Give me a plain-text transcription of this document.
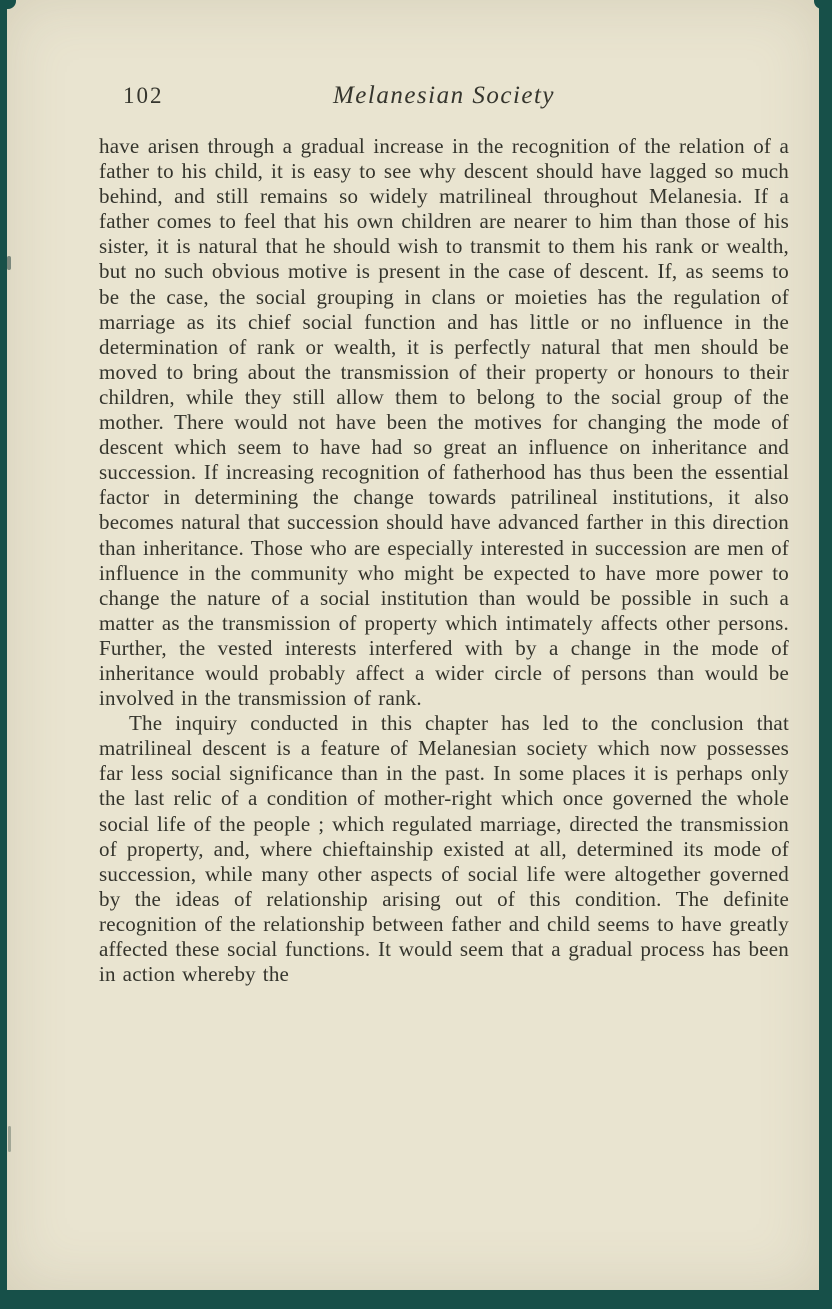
102	Melanesian Society

have arisen through a gradual increase in the recognition of the relation of a father to his child, it is easy to see why descent should have lagged so much behind, and still remains so widely matrilineal throughout Melanesia. If a father comes to feel that his own children are nearer to him than those of his sister, it is natural that he should wish to transmit to them his rank or wealth, but no such obvious motive is present in the case of descent. If, as seems to be the case, the social grouping in clans or moieties has the regulation of marriage as its chief social function and has little or no influence in the determination of rank or wealth, it is perfectly natural that men should be moved to bring about the transmission of their property or honours to their children, while they still allow them to belong to the social group of the mother. There would not have been the motives for changing the mode of descent which seem to have had so great an influence on inheritance and succession. If increasing recognition of fatherhood has thus been the essential factor in determining the change towards patrilineal institutions, it also becomes natural that succession should have advanced farther in this direction than inheritance. Those who are especially interested in succession are men of influence in the community who might be expected to have more power to change the nature of a social institution than would be possible in such a matter as the transmission of property which intimately affects other persons. Further, the vested interests interfered with by a change in the mode of inheritance would probably affect a wider circle of persons than would be involved in the transmission of rank.

The inquiry conducted in this chapter has led to the conclusion that matrilineal descent is a feature of Melanesian society which now possesses far less social significance than in the past. In some places it is perhaps only the last relic of a condition of mother-right which once governed the whole social life of the people ; which regulated marriage, directed the transmission of property, and, where chieftainship existed at all, determined its mode of succession, while many other aspects of social life were altogether governed by the ideas of relationship arising out of this condition. The definite recognition of the relationship between father and child seems to have greatly affected these social functions. It would seem that a gradual process has been in action whereby the
